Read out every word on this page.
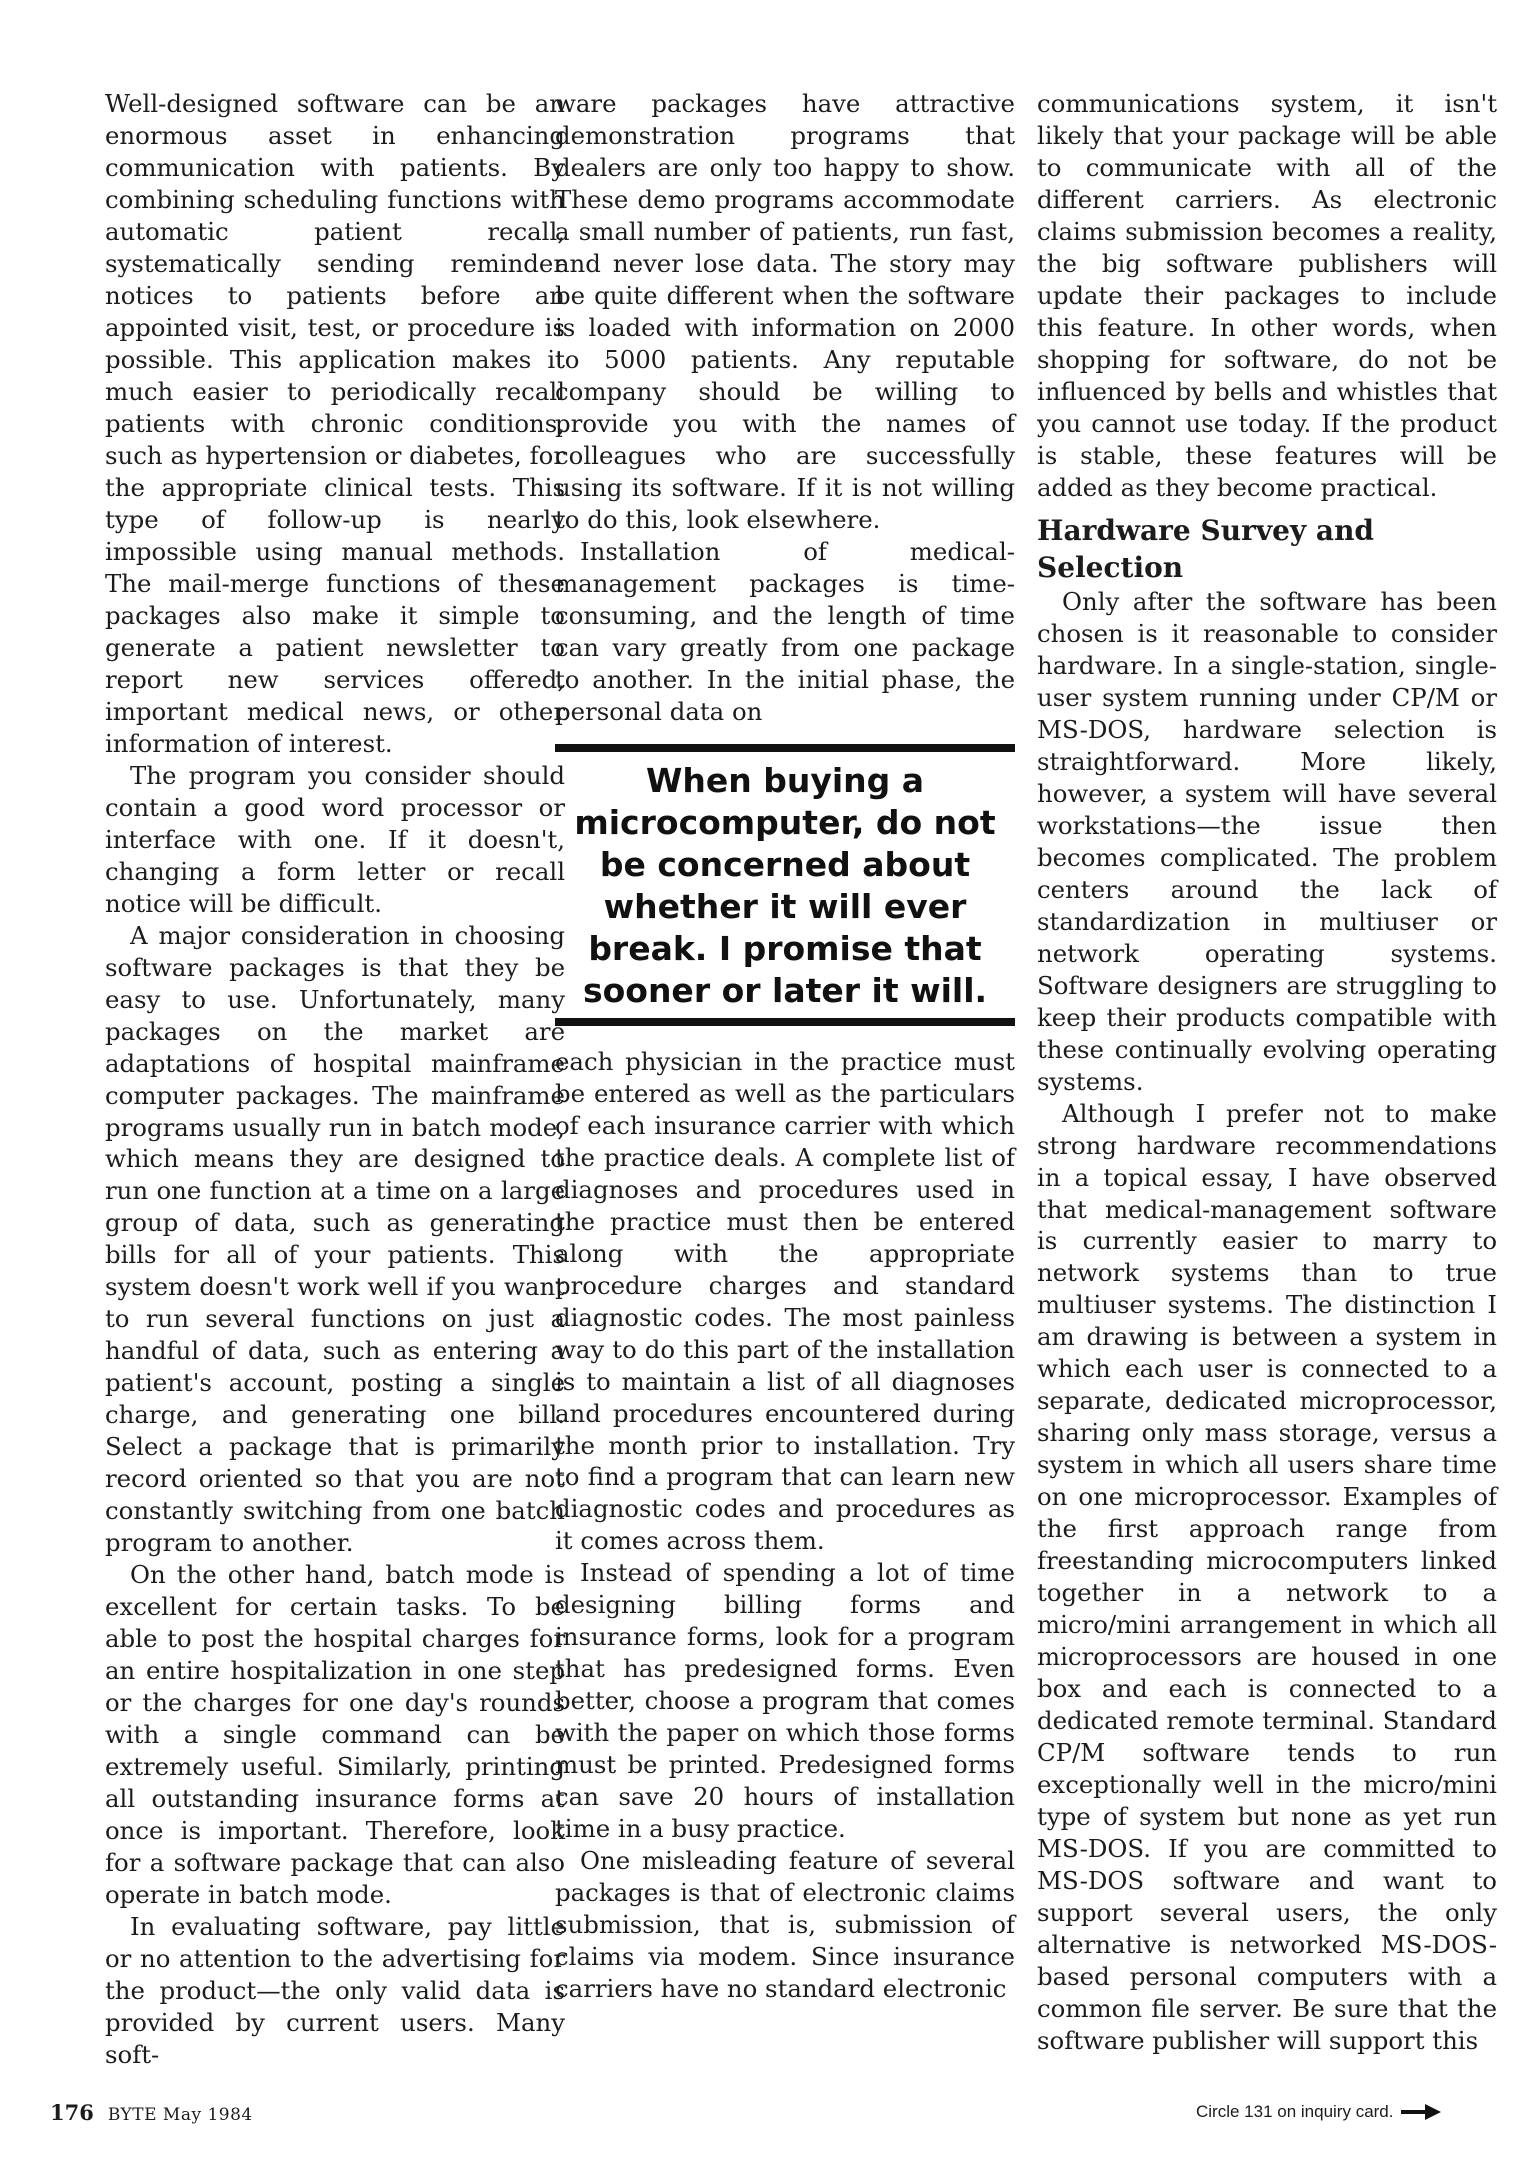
Well-designed software can be an enormous asset in enhancing communication with patients. By combining scheduling functions with automatic patient recall, systematically sending reminder notices to patients before an appointed visit, test, or procedure is possible. This application makes it much easier to periodically recall patients with chronic conditions, such as hypertension or diabetes, for the appropriate clinical tests. This type of follow-up is nearly impossible using manual methods. The mail-merge functions of these packages also make it simple to generate a patient newsletter to report new services offered, important medical news, or other information of interest.

The program you consider should contain a good word processor or interface with one. If it doesn't, changing a form letter or recall notice will be difficult.

A major consideration in choosing software packages is that they be easy to use. Unfortunately, many packages on the market are adaptations of hospital mainframe computer packages. The mainframe programs usually run in batch mode, which means they are designed to run one function at a time on a large group of data, such as generating bills for all of your patients. This system doesn't work well if you want to run several functions on just a handful of data, such as entering a patient's account, posting a single charge, and generating one bill. Select a package that is primarily record oriented so that you are not constantly switching from one batch program to another.

On the other hand, batch mode is excellent for certain tasks. To be able to post the hospital charges for an entire hospitalization in one step or the charges for one day's rounds with a single command can be extremely useful. Similarly, printing all outstanding insurance forms at once is important. Therefore, look for a software package that can also operate in batch mode.

In evaluating software, pay little or no attention to the advertising for the product—the only valid data is provided by current users. Many soft-

ware packages have attractive demonstration programs that dealers are only too happy to show. These demo programs accommodate a small number of patients, run fast, and never lose data. The story may be quite different when the software is loaded with information on 2000 to 5000 patients. Any reputable company should be willing to provide you with the names of colleagues who are successfully using its software. If it is not willing to do this, look elsewhere.

Installation of medical-management packages is time-consuming, and the length of time can vary greatly from one package to another. In the initial phase, the personal data on

When buying a
microcomputer, do not
be concerned about
whether it will ever
break. I promise that
sooner or later it will.

each physician in the practice must be entered as well as the particulars of each insurance carrier with which the practice deals. A complete list of diagnoses and procedures used in the practice must then be entered along with the appropriate procedure charges and standard diagnostic codes. The most painless way to do this part of the installation is to maintain a list of all diagnoses and procedures encountered during the month prior to installation. Try to find a program that can learn new diagnostic codes and procedures as it comes across them.

Instead of spending a lot of time designing billing forms and insurance forms, look for a program that has predesigned forms. Even better, choose a program that comes with the paper on which those forms must be printed. Predesigned forms can save 20 hours of installation time in a busy practice.

One misleading feature of several packages is that of electronic claims submission, that is, submission of claims via modem. Since insurance carriers have no standard electronic

communications system, it isn't likely that your package will be able to communicate with all of the different carriers. As electronic claims submission becomes a reality, the big software publishers will update their packages to include this feature. In other words, when shopping for software, do not be influenced by bells and whistles that you cannot use today. If the product is stable, these features will be added as they become practical.

Hardware Survey and Selection

Only after the software has been chosen is it reasonable to consider hardware. In a single-station, single-user system running under CP/M or MS-DOS, hardware selection is straightforward. More likely, however, a system will have several workstations—the issue then becomes complicated. The problem centers around the lack of standardization in multiuser or network operating systems. Software designers are struggling to keep their products compatible with these continually evolving operating systems.

Although I prefer not to make strong hardware recommendations in a topical essay, I have observed that medical-management software is currently easier to marry to network systems than to true multiuser systems. The distinction I am drawing is between a system in which each user is connected to a separate, dedicated microprocessor, sharing only mass storage, versus a system in which all users share time on one microprocessor. Examples of the first approach range from freestanding microcomputers linked together in a network to a micro/mini arrangement in which all microprocessors are housed in one box and each is connected to a dedicated remote terminal. Standard CP/M software tends to run exceptionally well in the micro/mini type of system but none as yet run MS-DOS. If you are committed to MS-DOS software and want to support several users, the only alternative is networked MS-DOS-based personal computers with a common file server. Be sure that the software publisher will support this

176 BYTE May 1984	Circle 131 on inquiry card.
